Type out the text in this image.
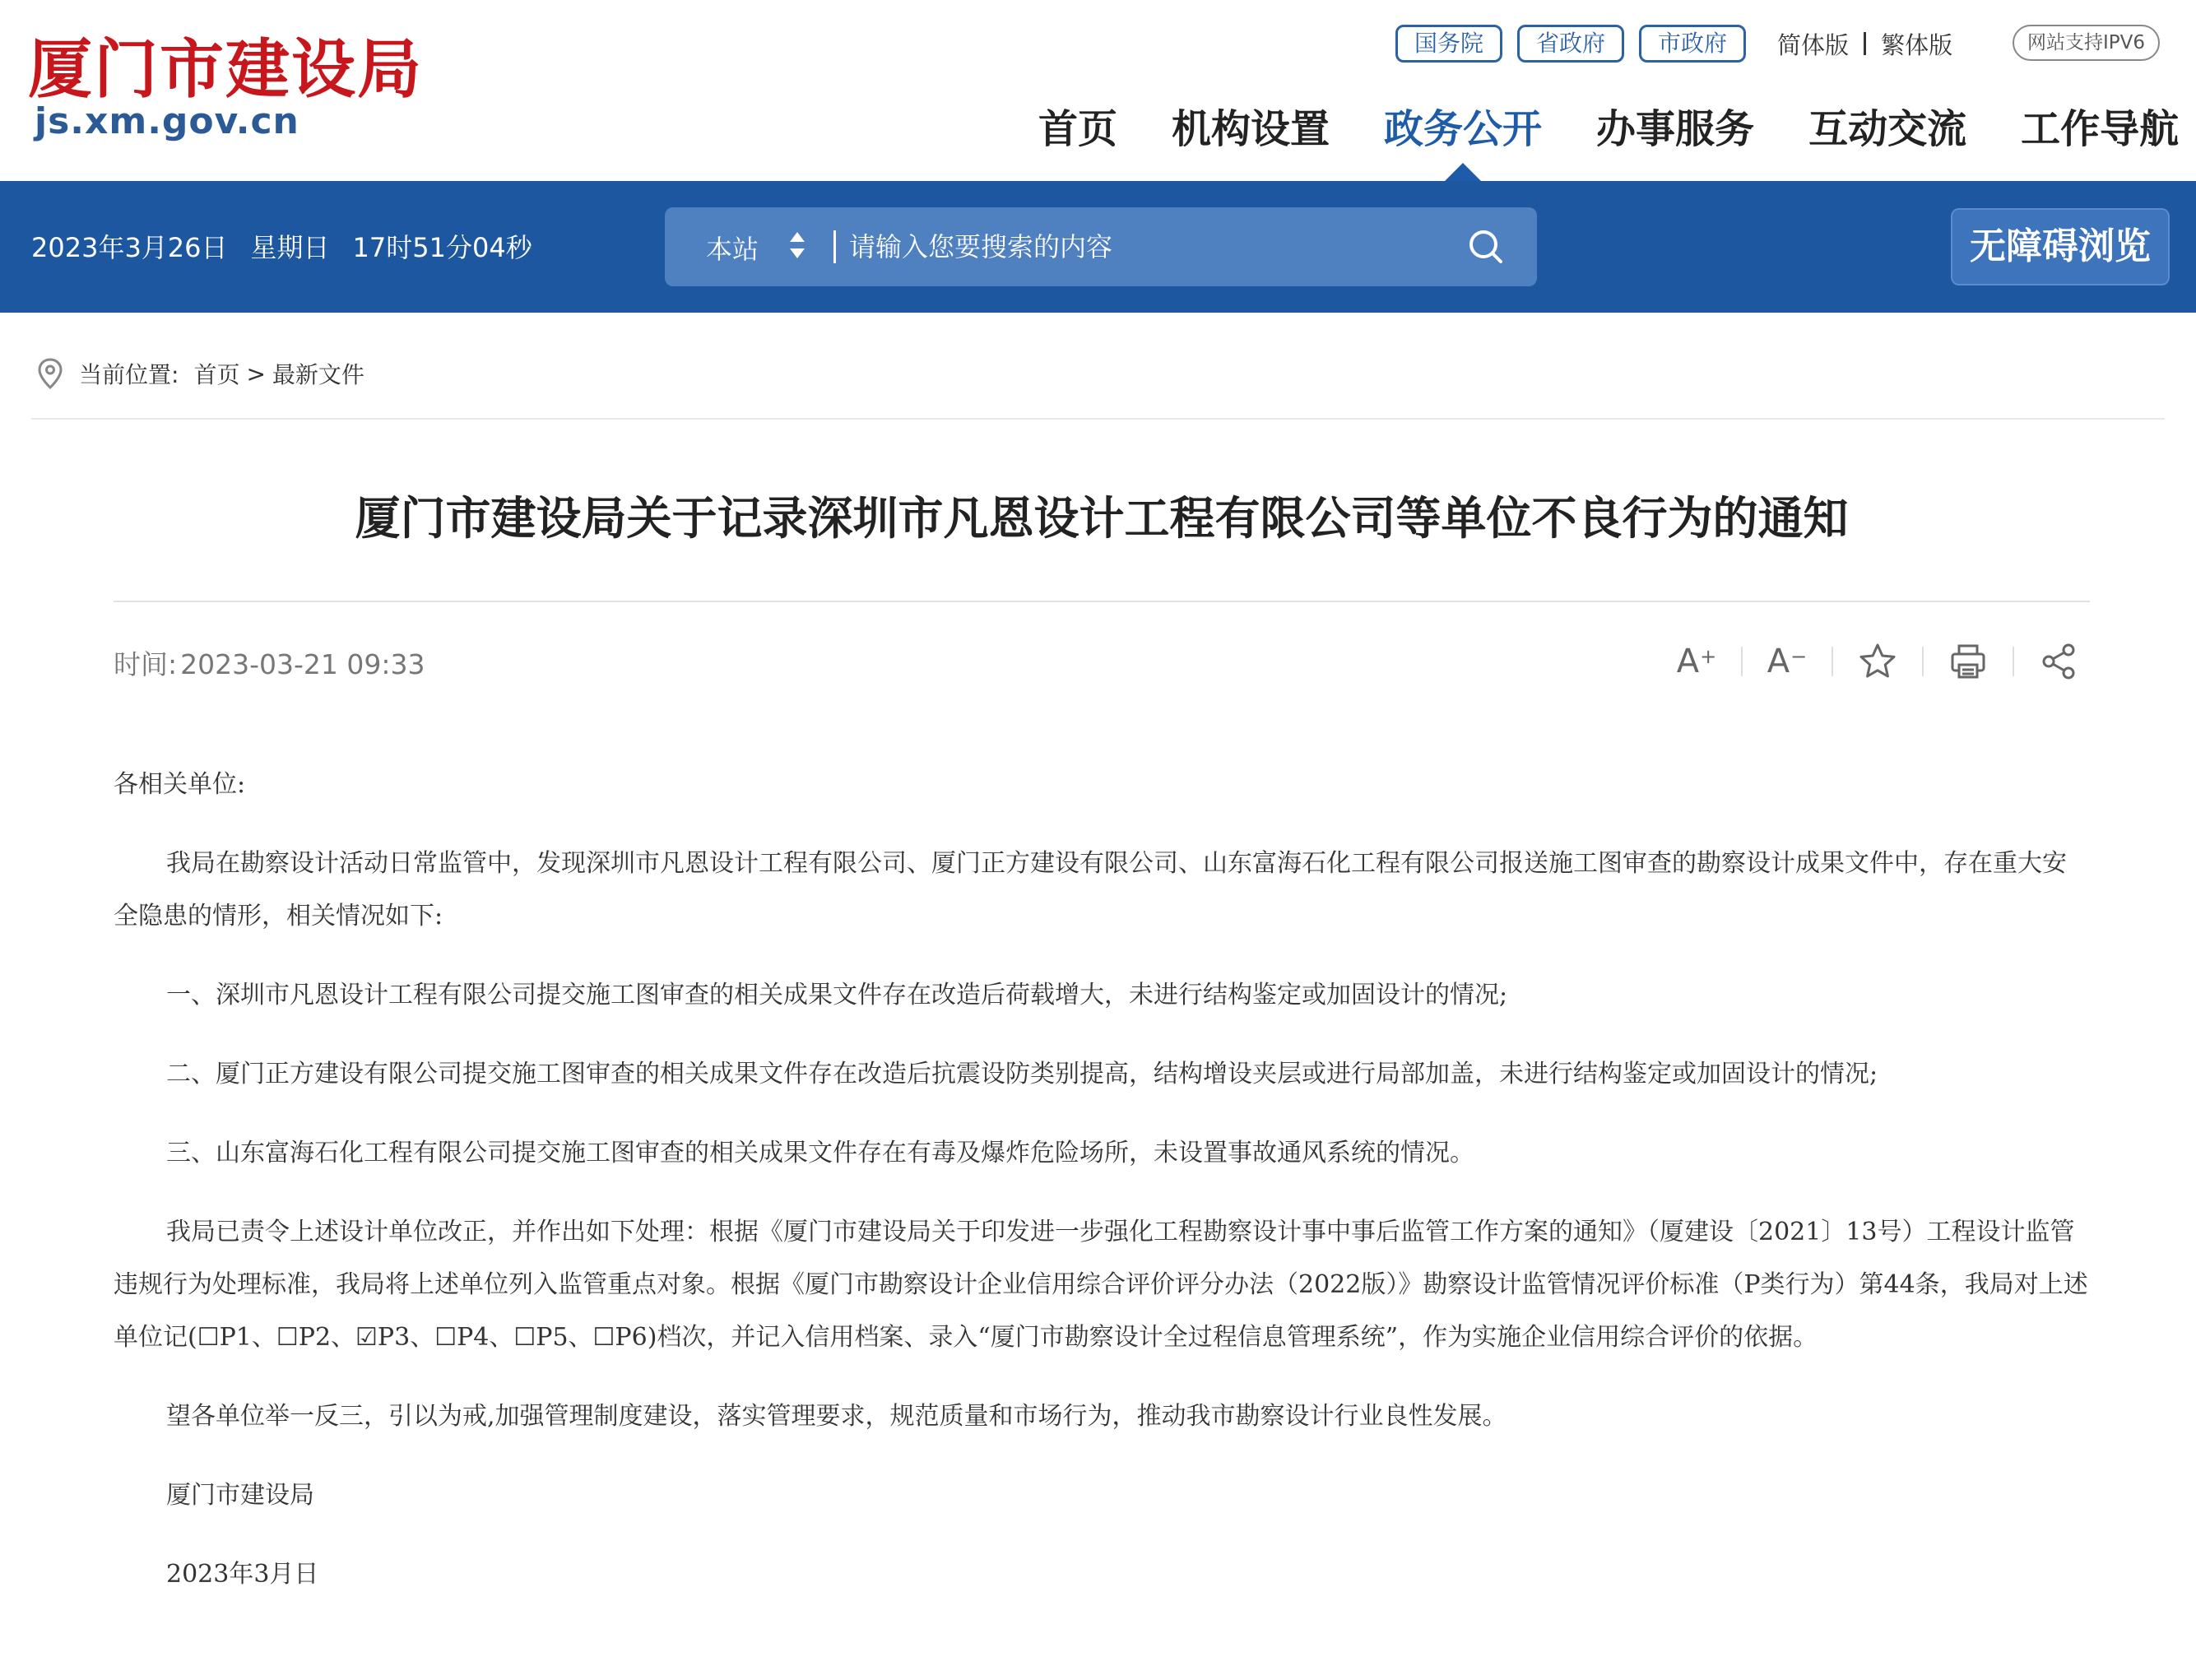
厦门市建设局
js.xm.gov.cn
国务院	省政府	市政府	简体版 繁体版	网站支持IPV6
首页 机构设置 政务公开 办事服务 互动交流 工作导航
2023年3月26日 星期日 17时51分04秒	本站
请输入您要搜索的内容	无障碍浏览
当前位置: 首页 > 最新文件
厦门市建设局关于记录深圳市凡恩设计工程有限公司等单位不良行为的通知
时间: 2023-03-21 09:33	A+ A−

各相关单位:

我局在勘察设计活动日常监管中，发现深圳市凡恩设计工程有限公司、厦门正方建设有限公司、山东富海石化工程有限公司报送施工图审查的勘察设计成果文件中，存在重大安全隐患的情形，相关情况如下:

一、深圳市凡恩设计工程有限公司提交施工图审查的相关成果文件存在改造后荷载增大，未进行结构鉴定或加固设计的情况;

二、厦门正方建设有限公司提交施工图审查的相关成果文件存在改造后抗震设防类别提高，结构增设夹层或进行局部加盖，未进行结构鉴定或加固设计的情况;

三、山东富海石化工程有限公司提交施工图审查的相关成果文件存在有毒及爆炸危险场所，未设置事故通风系统的情况。

我局已责令上述设计单位改正，并作出如下处理：根据《厦门市建设局关于印发进一步强化工程勘察设计事中事后监管工作方案的通知》（厦建设〔2021〕13号）工程设计监管违规行为处理标准，我局将上述单位列入监管重点对象。根据《厦门市勘察设计企业信用综合评价评分办法（2022版）》勘察设计监管情况评价标准（P类行为）第44条，我局对上述单位记(☐P1、☐P2、☑P3、☐P4、☐P5、☐P6)档次，并记入信用档案、录入“厦门市勘察设计全过程信息管理系统”，作为实施企业信用综合评价的依据。

望各单位举一反三，引以为戒,加强管理制度建设，落实管理要求，规范质量和市场行为，推动我市勘察设计行业良性发展。

厦门市建设局

2023年3月日
